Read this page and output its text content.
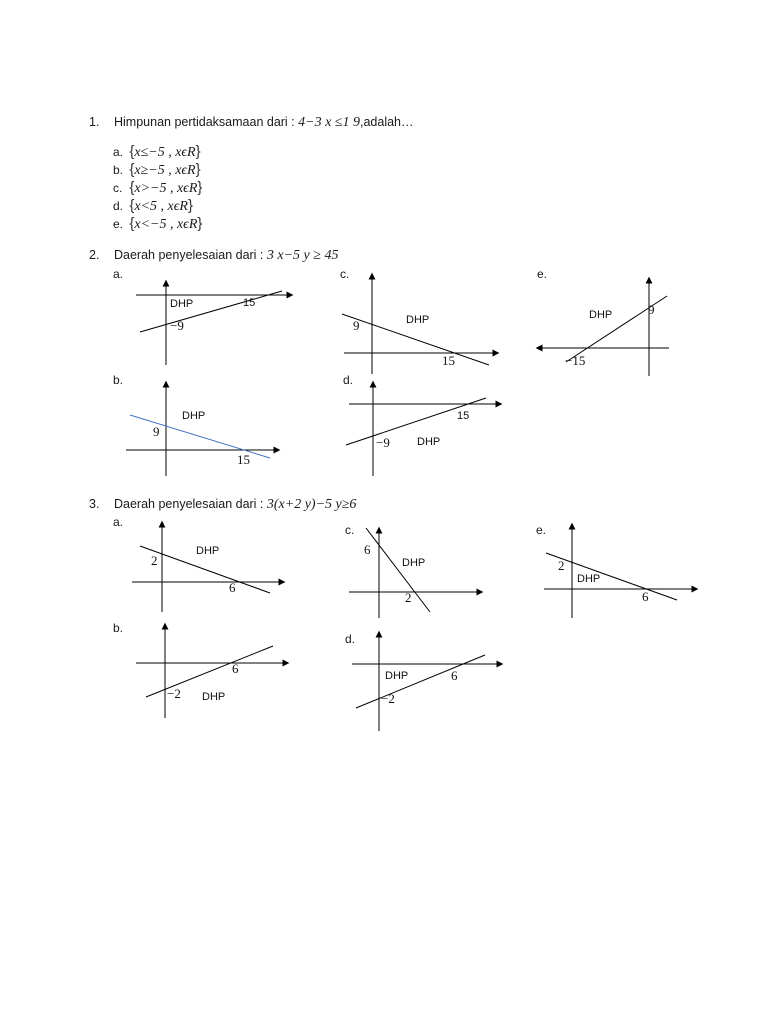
1. Himpunan pertidaksamaan dari : 4−3 x ≤1 9,adalah…
a. {x≤−5 , xϵR}
b. {x≥−5 , xϵR}
c. {x>−5 , xϵR}
d. {x<5 , xϵR}
e. {x<−5 , xϵR}
2. Daerah penyelesaian dari : 3 x−5 y ≥ 45
a.	c.	e.
b.	d.
DHP	15
−9	DHP
9
15
DHP	9
−15
DHP
9
15
DHP
15
−9
3. Daerah penyelesaian dari : 3(x+2 y)−5 y≥6
a.
c.	e.
b.
d.
DHP
2
6
DHP
6
2
DHP
2
6
DHP
6
−2
DHP	6
−2
